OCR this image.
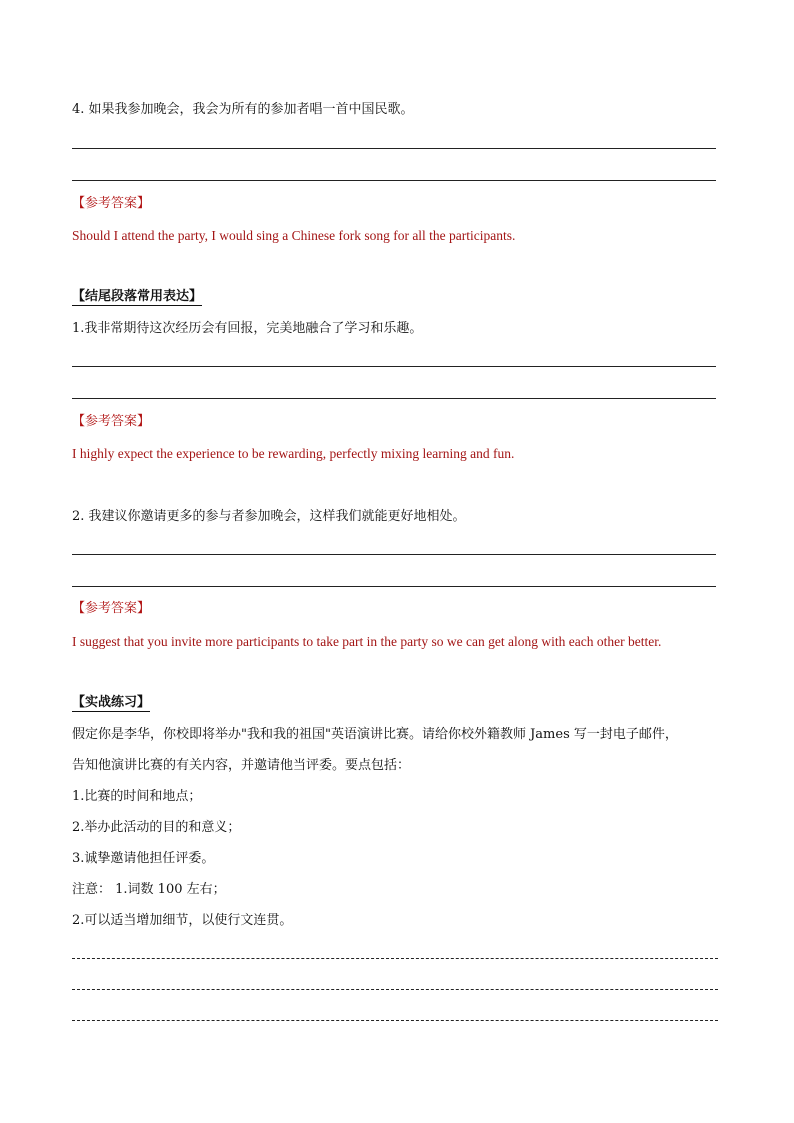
4. 如果我参加晚会，我会为所有的参加者唱一首中国民歌。
【参考答案】
Should I attend the party, I would sing a Chinese fork song for all the participants.
【结尾段落常用表达】
1.我非常期待这次经历会有回报，完美地融合了学习和乐趣。
【参考答案】
I highly expect the experience to be rewarding, perfectly mixing learning and fun.
2. 我建议你邀请更多的参与者参加晚会，这样我们就能更好地相处。
【参考答案】
I suggest that you invite more participants to take part in the party so we can get along with each other better.
【实战练习】
假定你是李华，你校即将举办"我和我的祖国"英语演讲比赛。请给你校外籍教师 James 写一封电子邮件，
告知他演讲比赛的有关内容，并邀请他当评委。要点包括：
1.比赛的时间和地点；
2.举办此活动的目的和意义；
3.诚挚邀请他担任评委。
注意： 1.词数 100 左右；
2.可以适当增加细节，以使行文连贯。
